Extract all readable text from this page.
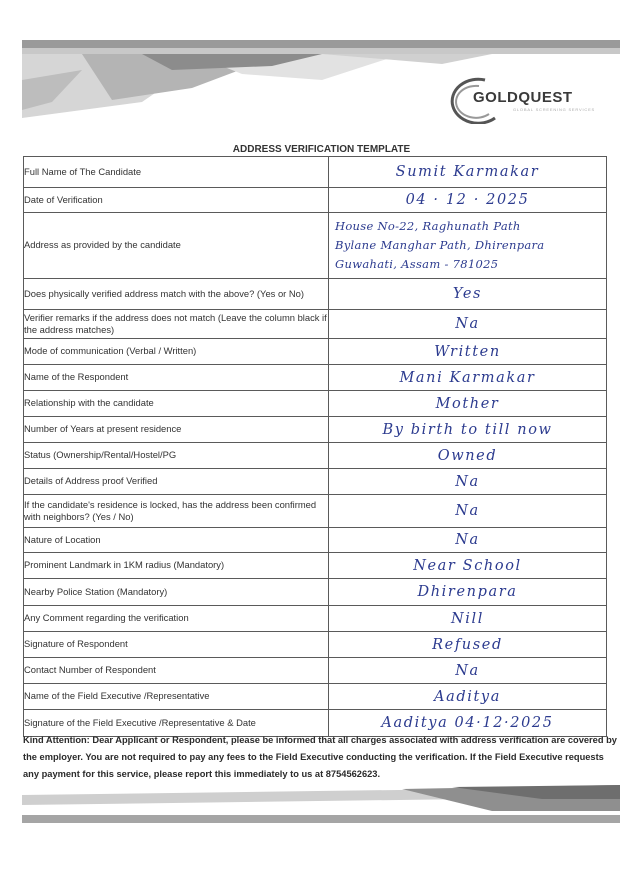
GOLDQUEST
GLOBAL SCREENING SERVICES
ADDRESS VERIFICATION TEMPLATE
Full Name of The Candidate	Sumit Karmakar
Date of Verification	04 · 12 · 2025
Address as provided by the candidate	House No-22, Raghunath Path
Bylane Manghar Path, Dhirenpara
Guwahati, Assam - 781025

Does physically verified address match with the above? (Yes or No)	Yes
Verifier remarks if the address does not match (Leave the column black if the address matches)	Na
Mode of communication (Verbal / Written)	Written
Name of the Respondent	Mani Karmakar
Relationship with the candidate	Mother
Number of Years at present residence	By birth to till now
Status (Ownership/Rental/Hostel/PG	Owned
Details of Address proof Verified	Na
If the candidate's residence is locked, has the address been confirmed with neighbors? (Yes / No)	Na
Nature of Location	Na
Prominent Landmark in 1KM radius (Mandatory)	Near School
Nearby Police Station (Mandatory)	Dhirenpara
Any Comment regarding the verification	Nill
Signature of Respondent	Refused
Contact Number of Respondent	Na
Name of the Field Executive /Representative	Aaditya
Signature of the Field Executive /Representative & Date	Aaditya 04·12·2025
Kind Attention: Dear Applicant or Respondent, please be informed that all charges associated with address verification are covered by the employer. You are not required to pay any fees to the Field Executive conducting the verification. If the Field Executive requests any payment for this service, please report this immediately to us at 8754562623.
